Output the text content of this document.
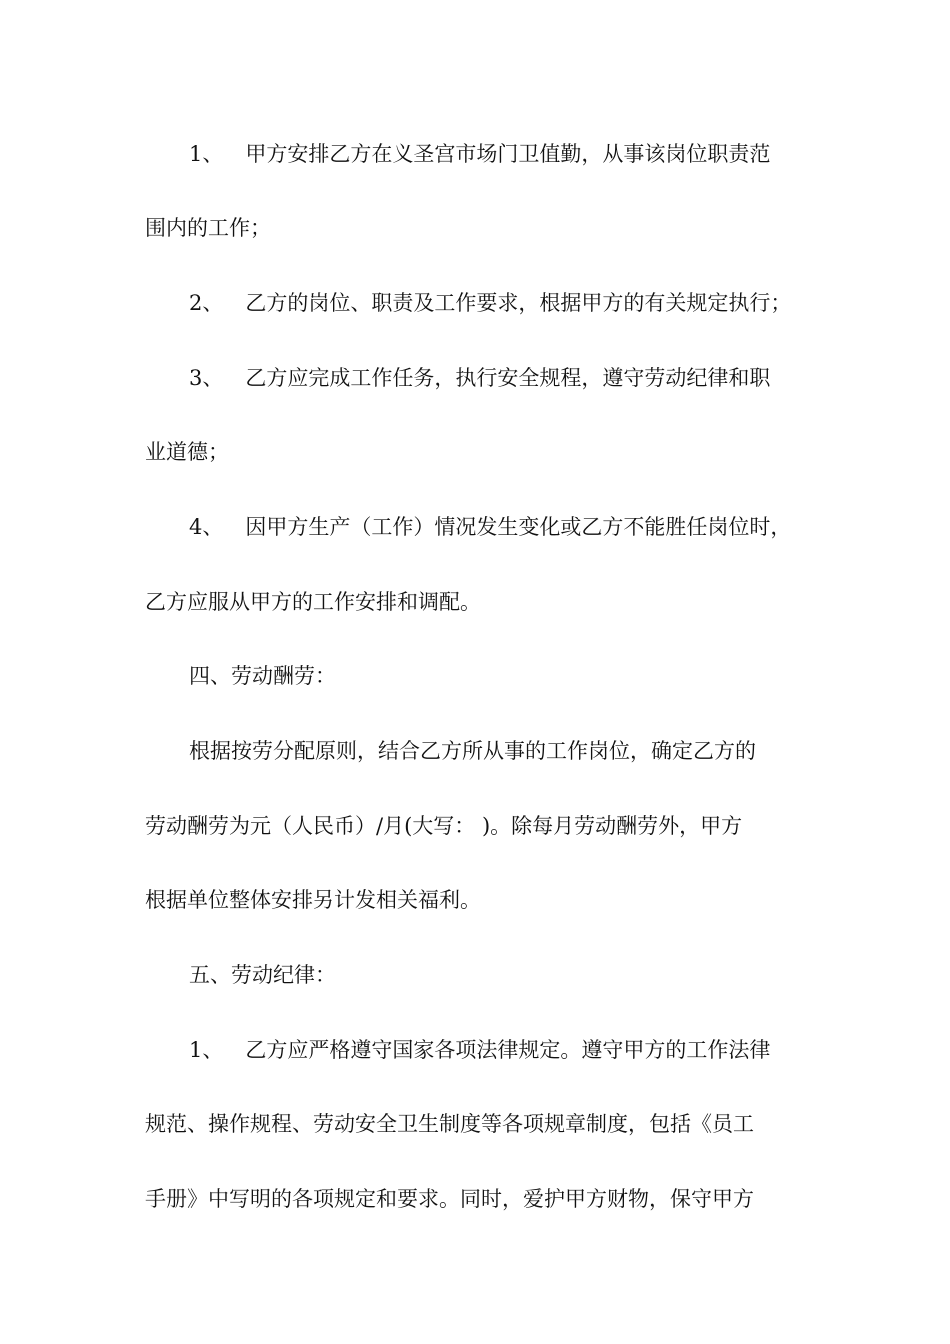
1、 甲方安排乙方在义圣宫市场门卫值勤，从事该岗位职责范
围内的工作；
2、 乙方的岗位、职责及工作要求，根据甲方的有关规定执行；
3、 乙方应完成工作任务，执行安全规程，遵守劳动纪律和职
业道德；
4、 因甲方生产（工作）情况发生变化或乙方不能胜任岗位时，
乙方应服从甲方的工作安排和调配。
四、劳动酬劳：
根据按劳分配原则，结合乙方所从事的工作岗位，确定乙方的
劳动酬劳为元（人民币）/月(大写： )。除每月劳动酬劳外，甲方
根据单位整体安排另计发相关福利。
五、劳动纪律：
1、 乙方应严格遵守国家各项法律规定。遵守甲方的工作法律
规范、操作规程、劳动安全卫生制度等各项规章制度，包括《员工
手册》中写明的各项规定和要求。同时，爱护甲方财物，保守甲方
